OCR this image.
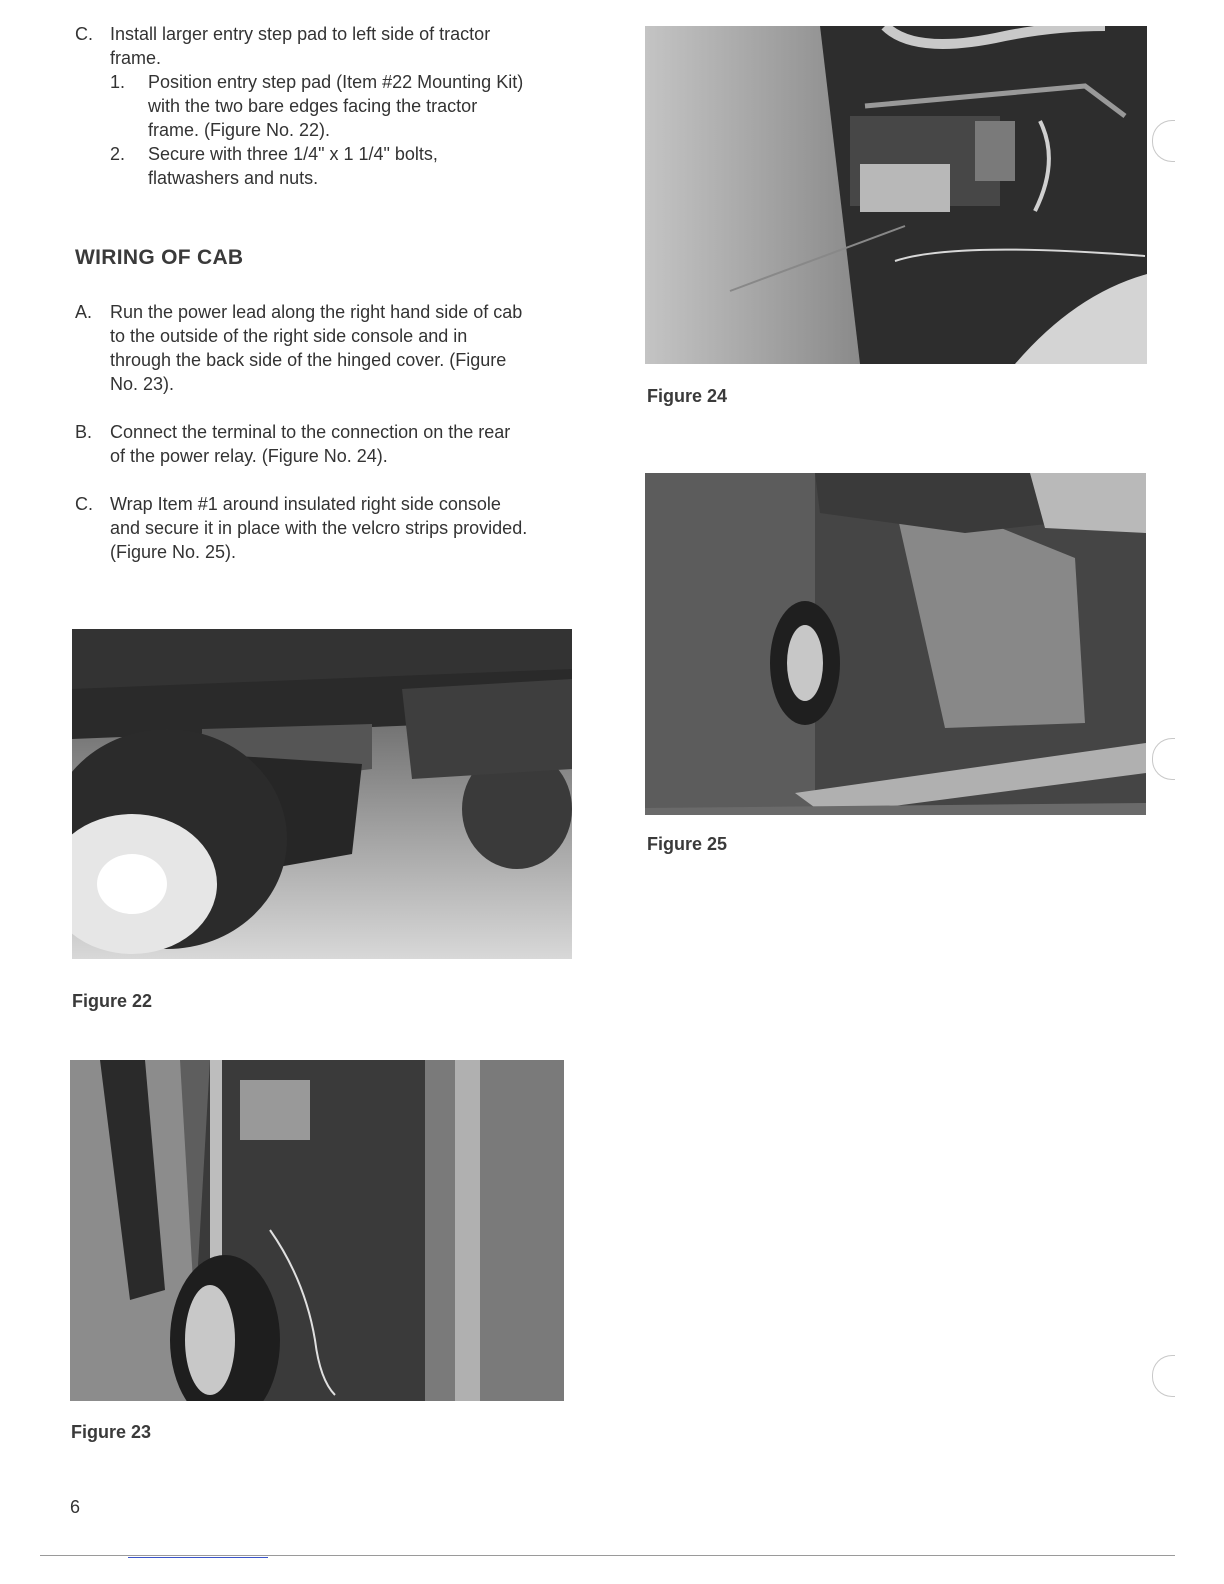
C. Install larger entry step pad to left side of tractor
frame.
1. Position entry step pad (Item #22 Mounting Kit)
with the two bare edges facing the tractor
frame. (Figure No. 22).
2. Secure with three 1/4" x 1 1/4" bolts,
flatwashers and nuts.
WIRING OF CAB
A. Run the power lead along the right hand side of cab
to the outside of the right side console and in
through the back side of the hinged cover. (Figure
No. 23).
B. Connect the terminal to the connection on the rear
of the power relay. (Figure No. 24).
C. Wrap Item #1 around insulated right side console
and secure it in place with the velcro strips provided.
(Figure No. 25).
Figure 24
Figure 25
Figure 22
Figure 23
6
